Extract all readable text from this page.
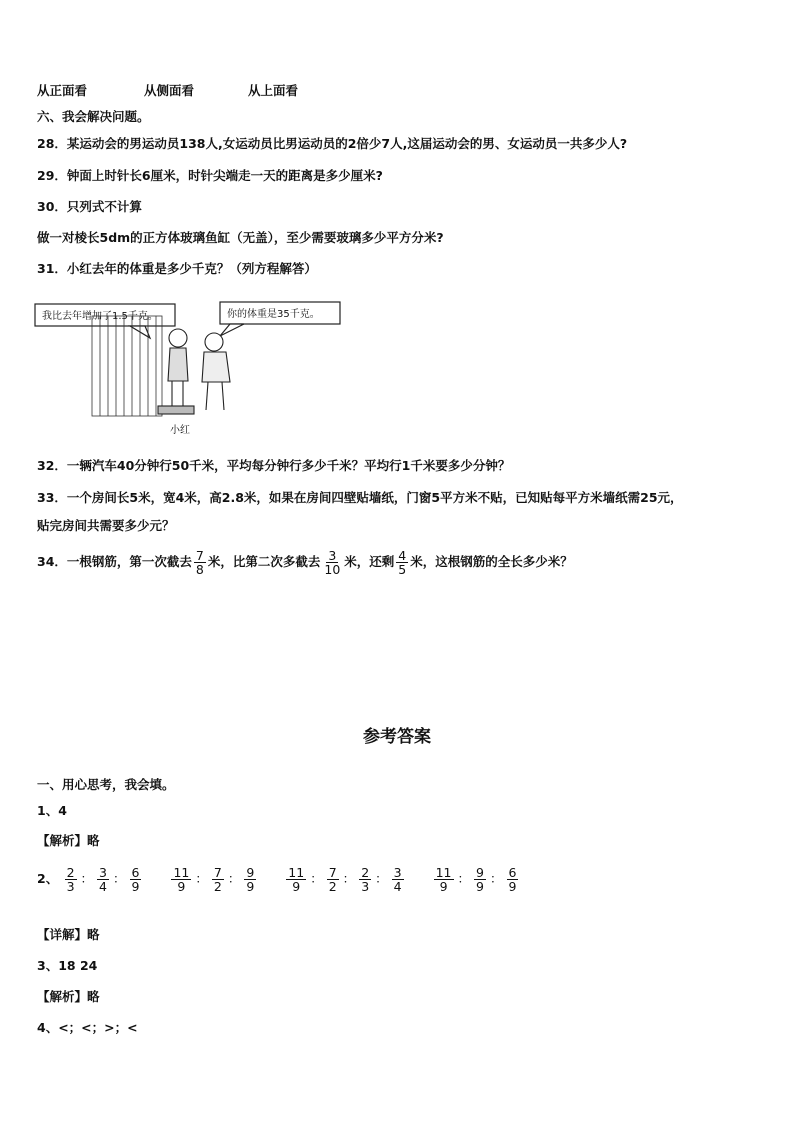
从正面看	从侧面看	从上面看
六、我会解决问题。
28．某运动会的男运动员138人,女运动员比男运动员的2倍少7人,这届运动会的男、女运动员一共多少人?
29．钟面上时针长6厘米，时针尖端走一天的距离是多少厘米?
30．只列式不计算
做一对棱长5dm的正方体玻璃鱼缸（无盖），至少需要玻璃多少平方分米?
31．小红去年的体重是多少千克？（列方程解答）
我比去年增加了1.5千克。	你的体重是35千克。
小红
32．一辆汽车40分钟行50千米，平均每分钟行多少千米？平均行1千米要多少分钟？
33．一个房间长5米，宽4米，高2.8米，如果在房间四壁贴墙纸，门窗5平方米不贴，已知贴每平方米墙纸需25元，
贴完房间共需要多少元？
34．一根钢筋，第一次截去 $\frac{7}{8}$ 米，比第二次多截去 $\frac{3}{10}$ 米，还剩 $\frac{4}{5}$ 米，这根钢筋的全长多少米？
参考答案
一、用心思考，我会填。
1、4
【解析】略
2、 $\frac{2}{3}$ ： $\frac{3}{4}$ ： $\frac{6}{9} \frac{11}{9}$ ： $\frac{7}{2}$ ： $\frac{9}{9} \frac{11}{9}$ ： $\frac{7}{2}$ ： $\frac{2}{3}$ ： $\frac{3}{4} \frac{11}{9}$ ： $\frac{9}{9}$ ： $\frac{6}{9}$
【详解】略
3、18 24
【解析】略
4、<；<；>；<
